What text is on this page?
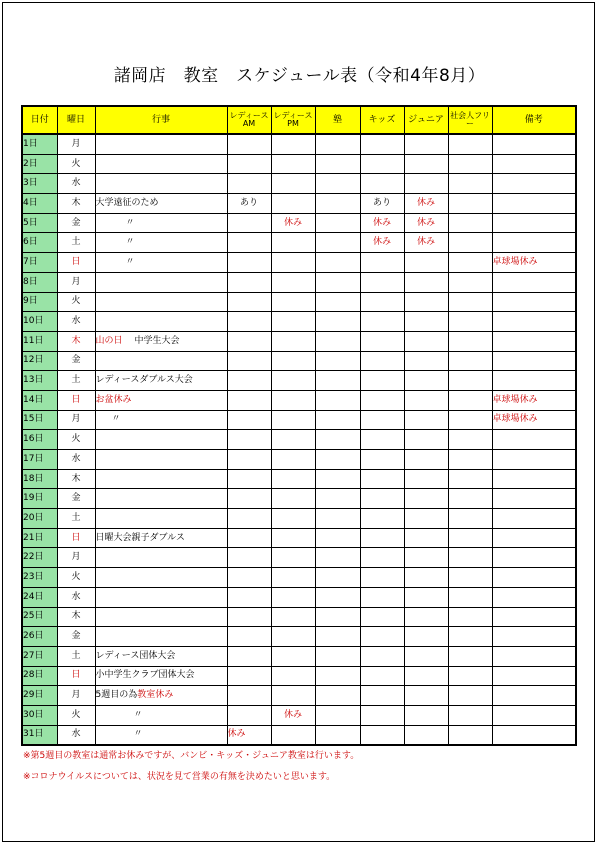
諸岡店　教室　スケジュール表（令和4年8月）
日付	曜日	行事	レディースAM	レディースPM	塾	キッズ	ジュニア	社会人フリー	備考
1日	月								
2日	火								
3日	水								
4日	木	大学遠征のため	あり			あり	休み		
5日	金	〃		休み		休み	休み		
6日	土	〃				休み	休み		
7日	日	〃							卓球場休み
8日	月								
9日	火								
10日	水								
11日	木	山の日 中学生大会							
12日	金								
13日	土	レディースダブルス大会							
14日	日	お盆休み							卓球場休み
15日	月	〃							卓球場休み
16日	火								
17日	水								
18日	木								
19日	金								
20日	土								
21日	日	日曜大会親子ダブルス							
22日	月								
23日	火								
24日	水								
25日	木								
26日	金								
27日	土	レディース団体大会							
28日	日	小中学生クラブ団体大会							
29日	月	5週目の為教室休み							
30日	火	〃		休み					
31日	水	〃	休み						
※第5週目の教室は通常お休みですが、バンビ・キッズ・ジュニア教室は行います。
※コロナウイルスについては、状況を見て営業の有無を決めたいと思います。
